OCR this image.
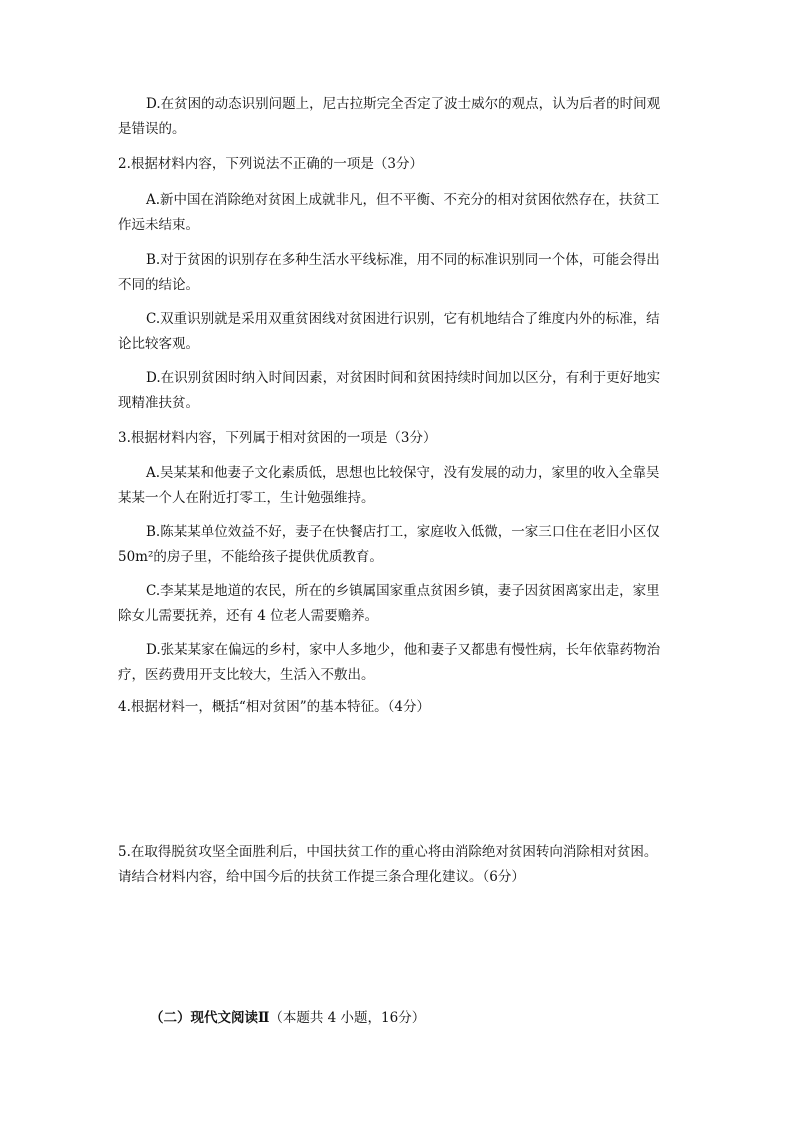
D.在贫困的动态识别问题上，尼古拉斯完全否定了波士威尔的观点，认为后者的时间观

是错误的。

2.根据材料内容，下列说法不正确的一项是（3分）

A.新中国在消除绝对贫困上成就非凡，但不平衡、不充分的相对贫困依然存在，扶贫工

作远未结束。

B.对于贫困的识别存在多种生活水平线标准，用不同的标准识别同一个体，可能会得出

不同的结论。

C.双重识别就是采用双重贫困线对贫困进行识别，它有机地结合了维度内外的标准，结

论比较客观。

D.在识别贫困时纳入时间因素，对贫困时间和贫困持续时间加以区分，有利于更好地实

现精准扶贫。

3.根据材料内容，下列属于相对贫困的一项是（3分）

A.吴某某和他妻子文化素质低，思想也比较保守，没有发展的动力，家里的收入全靠吴

某某一个人在附近打零工，生计勉强维持。

B.陈某某单位效益不好，妻子在快餐店打工，家庭收入低微，一家三口住在老旧小区仅

50m²的房子里，不能给孩子提供优质教育。

C.李某某是地道的农民，所在的乡镇属国家重点贫困乡镇，妻子因贫困离家出走，家里

除女儿需要抚养，还有 4 位老人需要赡养。

D.张某某家在偏远的乡村，家中人多地少，他和妻子又都患有慢性病，长年依靠药物治

疗，医药费用开支比较大，生活入不敷出。

4.根据材料一，概括“相对贫困”的基本特征。（4分）

5.在取得脱贫攻坚全面胜利后，中国扶贫工作的重心将由消除绝对贫困转向消除相对贫困。

请结合材料内容，给中国今后的扶贫工作提三条合理化建议。（6分）

（二）现代文阅读Ⅱ（本题共 4 小题，16分）
